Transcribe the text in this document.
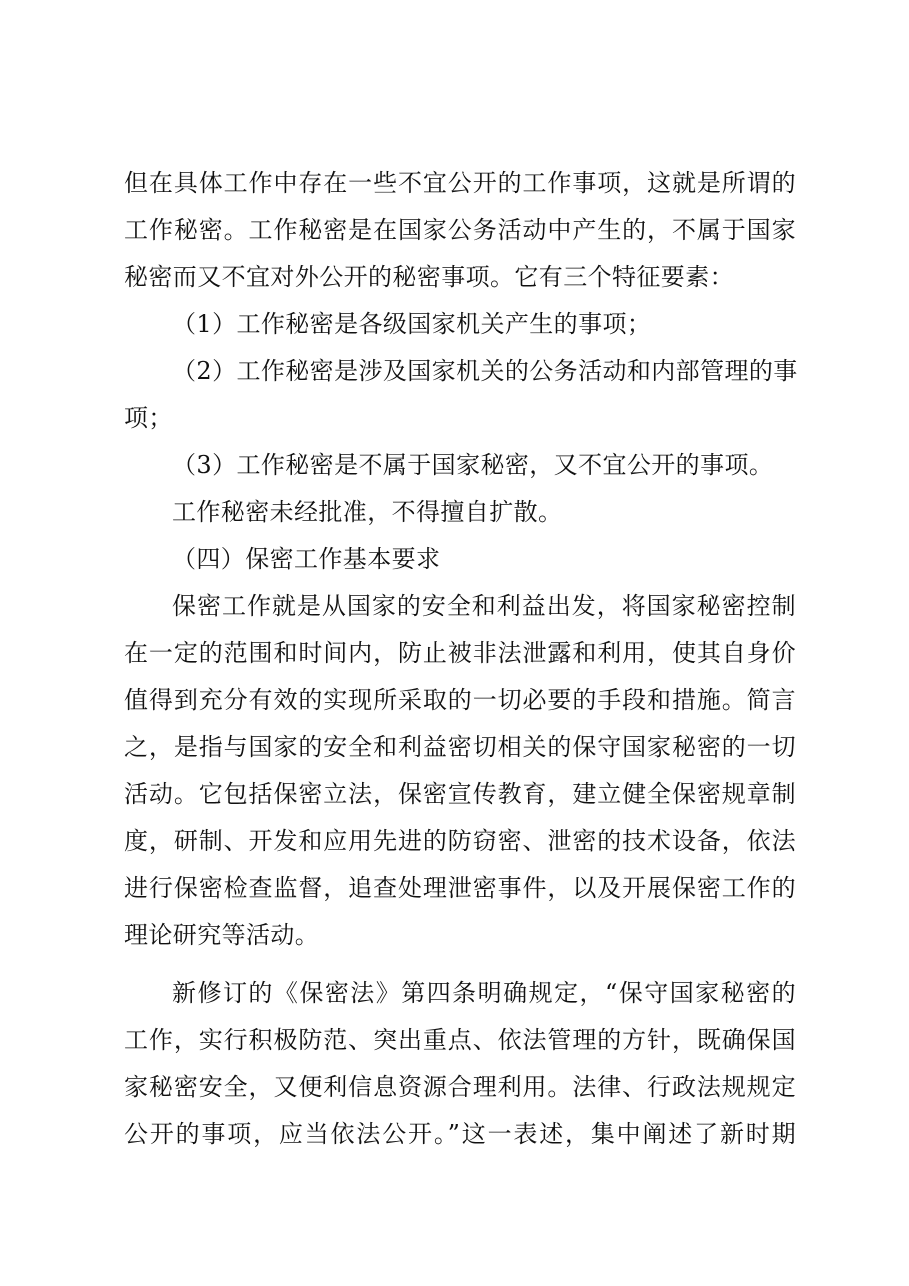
但在具体工作中存在一些不宜公开的工作事项，这就是所谓的
工作秘密。工作秘密是在国家公务活动中产生的，不属于国家
秘密而又不宜对外公开的秘密事项。它有三个特征要素：
（1）工作秘密是各级国家机关产生的事项；
（2）工作秘密是涉及国家机关的公务活动和内部管理的事
项；
（3）工作秘密是不属于国家秘密，又不宜公开的事项。
工作秘密未经批准，不得擅自扩散。
（四）保密工作基本要求
保密工作就是从国家的安全和利益出发，将国家秘密控制
在一定的范围和时间内，防止被非法泄露和利用，使其自身价
值得到充分有效的实现所采取的一切必要的手段和措施。简言
之，是指与国家的安全和利益密切相关的保守国家秘密的一切
活动。它包括保密立法，保密宣传教育，建立健全保密规章制
度，研制、开发和应用先进的防窃密、泄密的技术设备，依法
进行保密检查监督，追查处理泄密事件，以及开展保密工作的
理论研究等活动。
新修订的《保密法》第四条明确规定，“保守国家秘密的
工作，实行积极防范、突出重点、依法管理的方针，既确保国
家秘密安全，又便利信息资源合理利用。法律、行政法规规定
公开的事项，应当依法公开。”这一表述，集中阐述了新时期
